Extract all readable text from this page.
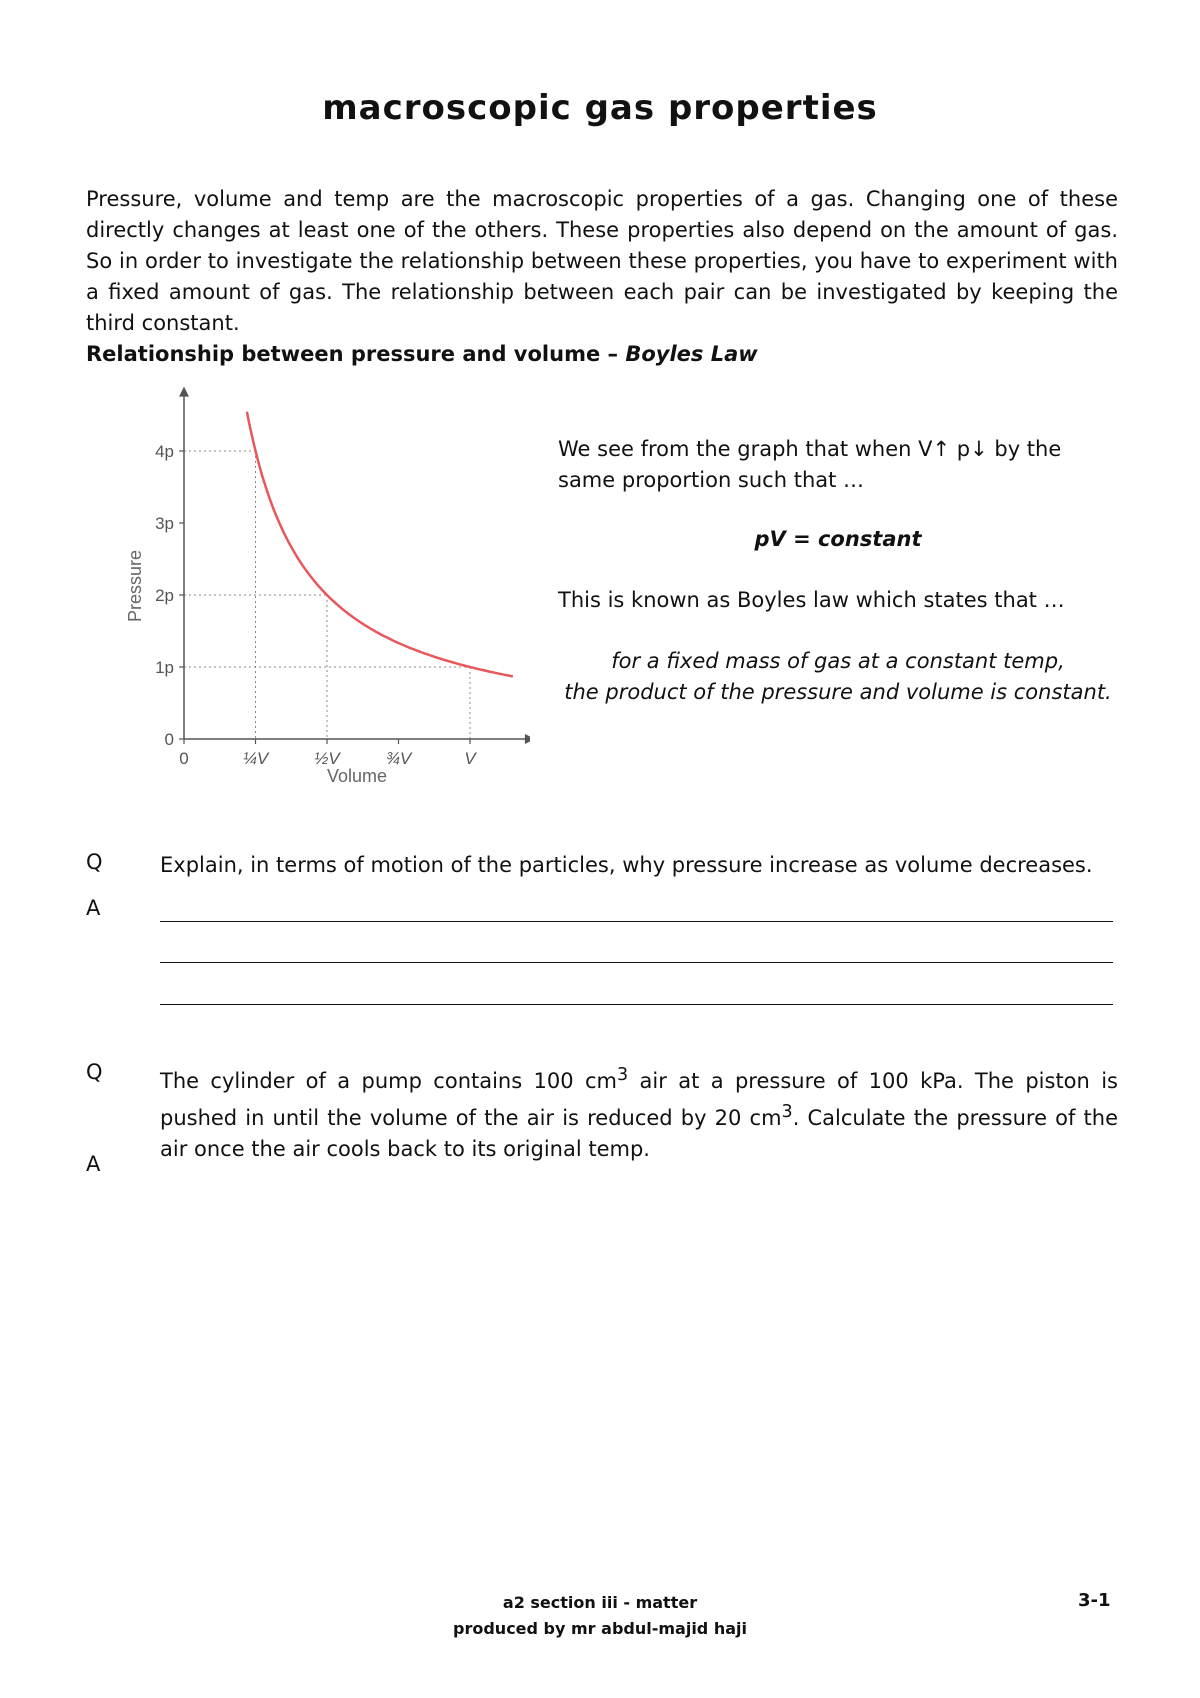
macroscopic gas properties
Pressure, volume and temp are the macroscopic properties of a gas. Changing one of these directly changes at least one of the others. These properties also depend on the amount of gas. So in order to investigate the relationship between these properties, you have to experiment with a fixed amount of gas. The relationship between each pair can be investigated by keeping the third constant.
Relationship between pressure and volume – Boyles Law
0
1p
2p
3p
4p
0	¼V	½V	¾V	V
Pressure
Volume
We see from the graph that when V↑ p↓ by the same proportion such that …
pV = constant
This is known as Boyles law which states that …
for a fixed mass of gas at a constant temp,
the product of the pressure and volume is constant.
Q	Explain, in terms of motion of the particles, why pressure increase as volume decreases.
A
Q	The cylinder of a pump contains 100 $cm^3$ air at a pressure of 100 kPa. The piston is pushed in until the volume of the air is reduced by 20 $cm^3$. Calculate the pressure of the air once the air cools back to its original temp.
A
a2 section iii - matter
produced by mr abdul-majid haji
3-1
